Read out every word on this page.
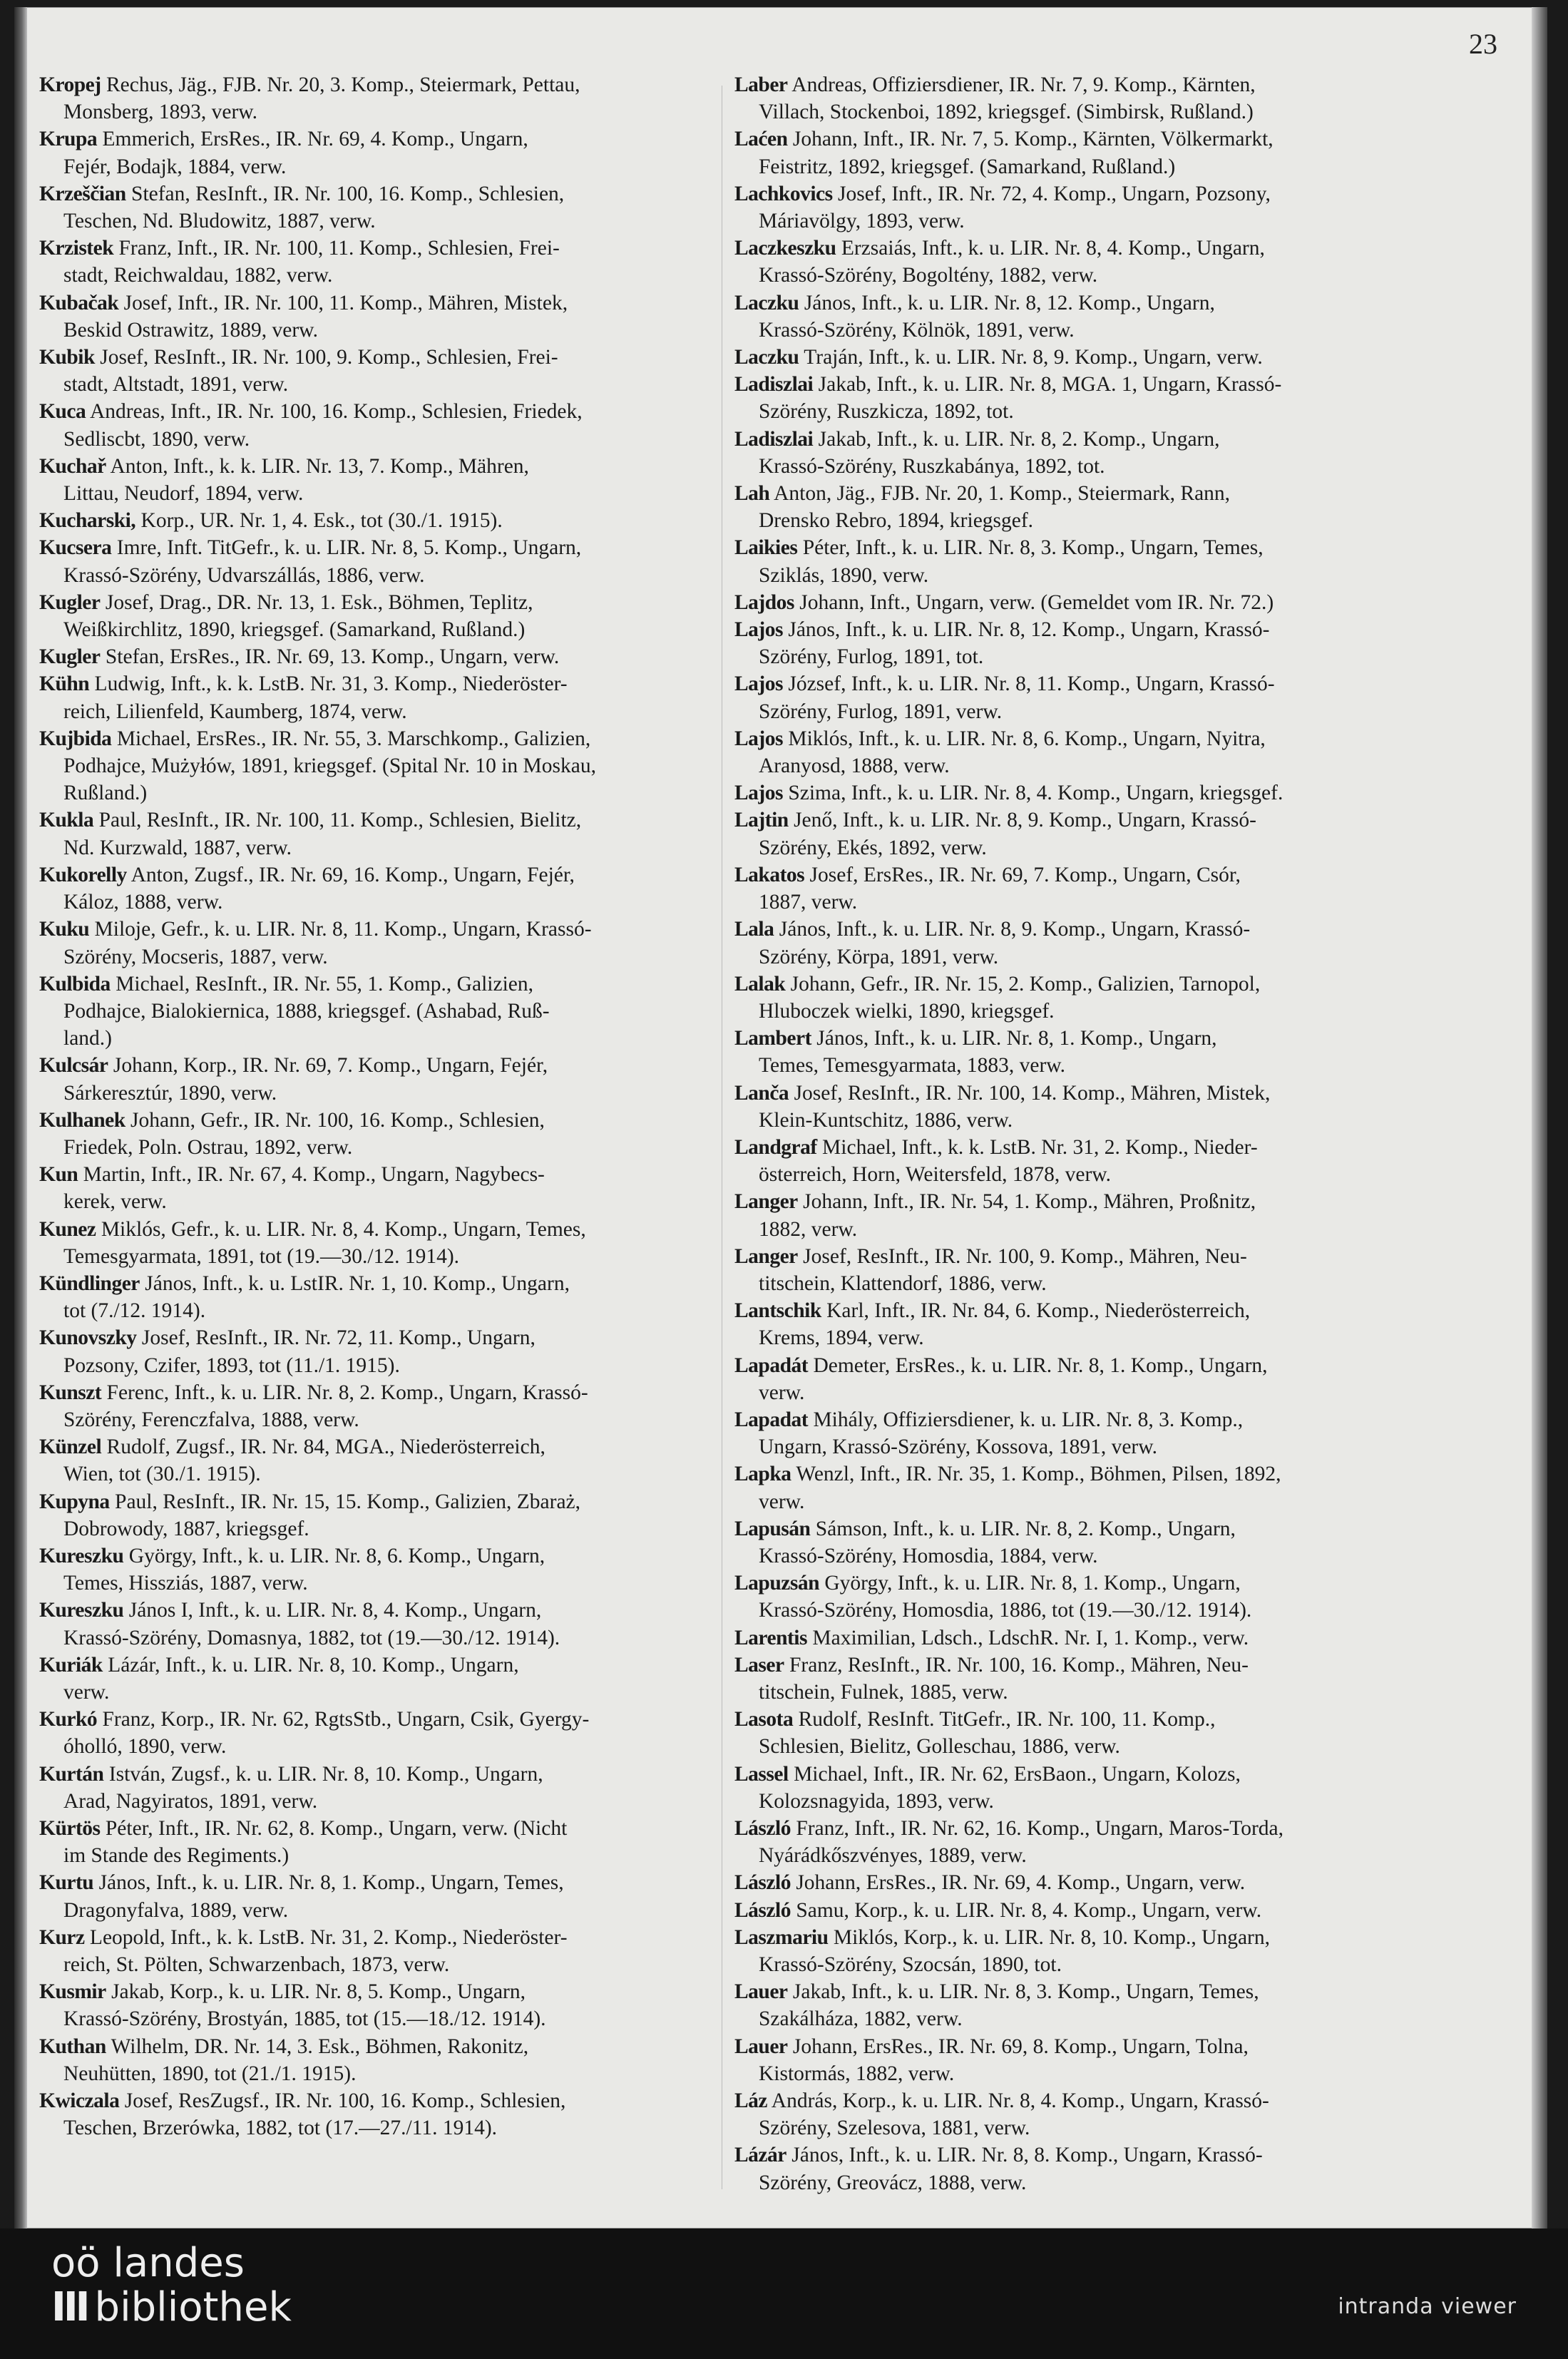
23
Kropej Rechus, Jäg., FJB. Nr. 20, 3. Komp., Steiermark, Pettau,
Monsberg, 1893, verw.
Krupa Emmerich, ErsRes., IR. Nr. 69, 4. Komp., Ungarn,
Fejér, Bodajk, 1884, verw.
Krzeščian Stefan, ResInft., IR. Nr. 100, 16. Komp., Schlesien,
Teschen, Nd. Bludowitz, 1887, verw.
Krzistek Franz, Inft., IR. Nr. 100, 11. Komp., Schlesien, Frei-
stadt, Reichwaldau, 1882, verw.
Kubačak Josef, Inft., IR. Nr. 100, 11. Komp., Mähren, Mistek,
Beskid Ostrawitz, 1889, verw.
Kubik Josef, ResInft., IR. Nr. 100, 9. Komp., Schlesien, Frei-
stadt, Altstadt, 1891, verw.
Kuca Andreas, Inft., IR. Nr. 100, 16. Komp., Schlesien, Friedek,
Sedliscbt, 1890, verw.
Kuchař Anton, Inft., k. k. LIR. Nr. 13, 7. Komp., Mähren,
Littau, Neudorf, 1894, verw.
Kucharski, Korp., UR. Nr. 1, 4. Esk., tot (30./1. 1915).
Kucsera Imre, Inft. TitGefr., k. u. LIR. Nr. 8, 5. Komp., Ungarn,
Krassó-Szörény, Udvarszállás, 1886, verw.
Kugler Josef, Drag., DR. Nr. 13, 1. Esk., Böhmen, Teplitz,
Weißkirchlitz, 1890, kriegsgef. (Samarkand, Rußland.)
Kugler Stefan, ErsRes., IR. Nr. 69, 13. Komp., Ungarn, verw.
Kühn Ludwig, Inft., k. k. LstB. Nr. 31, 3. Komp., Niederöster-
reich, Lilienfeld, Kaumberg, 1874, verw.
Kujbida Michael, ErsRes., IR. Nr. 55, 3. Marschkomp., Galizien,
Podhajce, Mużyłów, 1891, kriegsgef. (Spital Nr. 10 in Moskau,
Rußland.)
Kukla Paul, ResInft., IR. Nr. 100, 11. Komp., Schlesien, Bielitz,
Nd. Kurzwald, 1887, verw.
Kukorelly Anton, Zugsf., IR. Nr. 69, 16. Komp., Ungarn, Fejér,
Káloz, 1888, verw.
Kuku Miloje, Gefr., k. u. LIR. Nr. 8, 11. Komp., Ungarn, Krassó-
Szörény, Mocseris, 1887, verw.
Kulbida Michael, ResInft., IR. Nr. 55, 1. Komp., Galizien,
Podhajce, Bialokiernica, 1888, kriegsgef. (Ashabad, Ruß-
land.)
Kulcsár Johann, Korp., IR. Nr. 69, 7. Komp., Ungarn, Fejér,
Sárkeresztúr, 1890, verw.
Kulhanek Johann, Gefr., IR. Nr. 100, 16. Komp., Schlesien,
Friedek, Poln. Ostrau, 1892, verw.
Kun Martin, Inft., IR. Nr. 67, 4. Komp., Ungarn, Nagybecs-
kerek, verw.
Kunez Miklós, Gefr., k. u. LIR. Nr. 8, 4. Komp., Ungarn, Temes,
Temesgyarmata, 1891, tot (19.—30./12. 1914).
Kündlinger János, Inft., k. u. LstIR. Nr. 1, 10. Komp., Ungarn,
tot (7./12. 1914).
Kunovszky Josef, ResInft., IR. Nr. 72, 11. Komp., Ungarn,
Pozsony, Czifer, 1893, tot (11./1. 1915).
Kunszt Ferenc, Inft., k. u. LIR. Nr. 8, 2. Komp., Ungarn, Krassó-
Szörény, Ferenczfalva, 1888, verw.
Künzel Rudolf, Zugsf., IR. Nr. 84, MGA., Niederösterreich,
Wien, tot (30./1. 1915).
Kupyna Paul, ResInft., IR. Nr. 15, 15. Komp., Galizien, Zbaraż,
Dobrowody, 1887, kriegsgef.
Kureszku György, Inft., k. u. LIR. Nr. 8, 6. Komp., Ungarn,
Temes, Hissziás, 1887, verw.
Kureszku János I, Inft., k. u. LIR. Nr. 8, 4. Komp., Ungarn,
Krassó-Szörény, Domasnya, 1882, tot (19.—30./12. 1914).
Kuriák Lázár, Inft., k. u. LIR. Nr. 8, 10. Komp., Ungarn,
verw.
Kurkó Franz, Korp., IR. Nr. 62, RgtsStb., Ungarn, Csik, Gyergy-
óholló, 1890, verw.
Kurtán István, Zugsf., k. u. LIR. Nr. 8, 10. Komp., Ungarn,
Arad, Nagyiratos, 1891, verw.
Kürtös Péter, Inft., IR. Nr. 62, 8. Komp., Ungarn, verw. (Nicht
im Stande des Regiments.)
Kurtu János, Inft., k. u. LIR. Nr. 8, 1. Komp., Ungarn, Temes,
Dragonyfalva, 1889, verw.
Kurz Leopold, Inft., k. k. LstB. Nr. 31, 2. Komp., Niederöster-
reich, St. Pölten, Schwarzenbach, 1873, verw.
Kusmir Jakab, Korp., k. u. LIR. Nr. 8, 5. Komp., Ungarn,
Krassó-Szörény, Brostyán, 1885, tot (15.—18./12. 1914).
Kuthan Wilhelm, DR. Nr. 14, 3. Esk., Böhmen, Rakonitz,
Neuhütten, 1890, tot (21./1. 1915).
Kwiczala Josef, ResZugsf., IR. Nr. 100, 16. Komp., Schlesien,
Teschen, Brzerówka, 1882, tot (17.—27./11. 1914).
Laber Andreas, Offiziersdiener, IR. Nr. 7, 9. Komp., Kärnten,
Villach, Stockenboi, 1892, kriegsgef. (Simbirsk, Rußland.)
Laćen Johann, Inft., IR. Nr. 7, 5. Komp., Kärnten, Völkermarkt,
Feistritz, 1892, kriegsgef. (Samarkand, Rußland.)
Lachkovics Josef, Inft., IR. Nr. 72, 4. Komp., Ungarn, Pozsony,
Máriavölgy, 1893, verw.
Laczkeszku Erzsaiás, Inft., k. u. LIR. Nr. 8, 4. Komp., Ungarn,
Krassó-Szörény, Bogoltény, 1882, verw.
Laczku János, Inft., k. u. LIR. Nr. 8, 12. Komp., Ungarn,
Krassó-Szörény, Kölnök, 1891, verw.
Laczku Traján, Inft., k. u. LIR. Nr. 8, 9. Komp., Ungarn, verw.
Ladiszlai Jakab, Inft., k. u. LIR. Nr. 8, MGA. 1, Ungarn, Krassó-
Szörény, Ruszkicza, 1892, tot.
Ladiszlai Jakab, Inft., k. u. LIR. Nr. 8, 2. Komp., Ungarn,
Krassó-Szörény, Ruszkabánya, 1892, tot.
Lah Anton, Jäg., FJB. Nr. 20, 1. Komp., Steiermark, Rann,
Drensko Rebro, 1894, kriegsgef.
Laikies Péter, Inft., k. u. LIR. Nr. 8, 3. Komp., Ungarn, Temes,
Sziklás, 1890, verw.
Lajdos Johann, Inft., Ungarn, verw. (Gemeldet vom IR. Nr. 72.)
Lajos János, Inft., k. u. LIR. Nr. 8, 12. Komp., Ungarn, Krassó-
Szörény, Furlog, 1891, tot.
Lajos József, Inft., k. u. LIR. Nr. 8, 11. Komp., Ungarn, Krassó-
Szörény, Furlog, 1891, verw.
Lajos Miklós, Inft., k. u. LIR. Nr. 8, 6. Komp., Ungarn, Nyitra,
Aranyosd, 1888, verw.
Lajos Szima, Inft., k. u. LIR. Nr. 8, 4. Komp., Ungarn, kriegsgef.
Lajtin Jenő, Inft., k. u. LIR. Nr. 8, 9. Komp., Ungarn, Krassó-
Szörény, Ekés, 1892, verw.
Lakatos Josef, ErsRes., IR. Nr. 69, 7. Komp., Ungarn, Csór,
1887, verw.
Lala János, Inft., k. u. LIR. Nr. 8, 9. Komp., Ungarn, Krassó-
Szörény, Körpa, 1891, verw.
Lalak Johann, Gefr., IR. Nr. 15, 2. Komp., Galizien, Tarnopol,
Hluboczek wielki, 1890, kriegsgef.
Lambert János, Inft., k. u. LIR. Nr. 8, 1. Komp., Ungarn,
Temes, Temesgyarmata, 1883, verw.
Lanča Josef, ResInft., IR. Nr. 100, 14. Komp., Mähren, Mistek,
Klein-Kuntschitz, 1886, verw.
Landgraf Michael, Inft., k. k. LstB. Nr. 31, 2. Komp., Nieder-
österreich, Horn, Weitersfeld, 1878, verw.
Langer Johann, Inft., IR. Nr. 54, 1. Komp., Mähren, Proßnitz,
1882, verw.
Langer Josef, ResInft., IR. Nr. 100, 9. Komp., Mähren, Neu-
titschein, Klattendorf, 1886, verw.
Lantschik Karl, Inft., IR. Nr. 84, 6. Komp., Niederösterreich,
Krems, 1894, verw.
Lapadát Demeter, ErsRes., k. u. LIR. Nr. 8, 1. Komp., Ungarn,
verw.
Lapadat Mihály, Offiziersdiener, k. u. LIR. Nr. 8, 3. Komp.,
Ungarn, Krassó-Szörény, Kossova, 1891, verw.
Lapka Wenzl, Inft., IR. Nr. 35, 1. Komp., Böhmen, Pilsen, 1892,
verw.
Lapusán Sámson, Inft., k. u. LIR. Nr. 8, 2. Komp., Ungarn,
Krassó-Szörény, Homosdia, 1884, verw.
Lapuzsán György, Inft., k. u. LIR. Nr. 8, 1. Komp., Ungarn,
Krassó-Szörény, Homosdia, 1886, tot (19.—30./12. 1914).
Larentis Maximilian, Ldsch., LdschR. Nr. I, 1. Komp., verw.
Laser Franz, ResInft., IR. Nr. 100, 16. Komp., Mähren, Neu-
titschein, Fulnek, 1885, verw.
Lasota Rudolf, ResInft. TitGefr., IR. Nr. 100, 11. Komp.,
Schlesien, Bielitz, Golleschau, 1886, verw.
Lassel Michael, Inft., IR. Nr. 62, ErsBaon., Ungarn, Kolozs,
Kolozsnagyida, 1893, verw.
László Franz, Inft., IR. Nr. 62, 16. Komp., Ungarn, Maros-Torda,
Nyárádkőszvényes, 1889, verw.
László Johann, ErsRes., IR. Nr. 69, 4. Komp., Ungarn, verw.
László Samu, Korp., k. u. LIR. Nr. 8, 4. Komp., Ungarn, verw.
Laszmariu Miklós, Korp., k. u. LIR. Nr. 8, 10. Komp., Ungarn,
Krassó-Szörény, Szocsán, 1890, tot.
Lauer Jakab, Inft., k. u. LIR. Nr. 8, 3. Komp., Ungarn, Temes,
Szakálháza, 1882, verw.
Lauer Johann, ErsRes., IR. Nr. 69, 8. Komp., Ungarn, Tolna,
Kistormás, 1882, verw.
Láz András, Korp., k. u. LIR. Nr. 8, 4. Komp., Ungarn, Krassó-
Szörény, Szelesova, 1881, verw.
Lázár János, Inft., k. u. LIR. Nr. 8, 8. Komp., Ungarn, Krassó-
Szörény, Greovácz, 1888, verw.
oö landes
III bibliothek	intranda viewer
